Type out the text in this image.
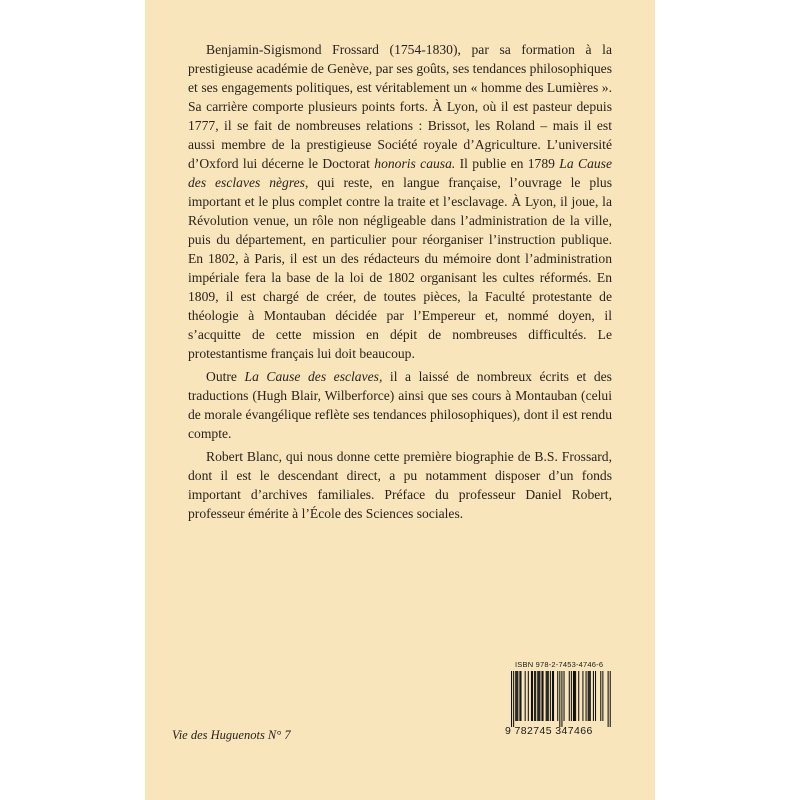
Benjamin-Sigismond Frossard (1754-1830), par sa formation à la prestigieuse académie de Genève, par ses goûts, ses tendances philosophiques et ses engagements politiques, est véritablement un « homme des Lumières ». Sa carrière comporte plusieurs points forts. À Lyon, où il est pasteur depuis 1777, il se fait de nombreuses relations : Brissot, les Roland – mais il est aussi membre de la prestigieuse Société royale d’Agriculture. L’université d’Oxford lui décerne le Doctorat honoris causa. Il publie en 1789 La Cause des esclaves nègres, qui reste, en langue française, l’ouvrage le plus important et le plus complet contre la traite et l’esclavage. À Lyon, il joue, la Révolution venue, un rôle non négligeable dans l’administration de la ville, puis du département, en particulier pour réorganiser l’instruction publique. En 1802, à Paris, il est un des rédacteurs du mémoire dont l’administration impériale fera la base de la loi de 1802 organisant les cultes réformés. En 1809, il est chargé de créer, de toutes pièces, la Faculté protestante de théologie à Montauban décidée par l’Empereur et, nommé doyen, il s’acquitte de cette mission en dépit de nombreuses difficultés. Le protestantisme français lui doit beaucoup.

Outre La Cause des esclaves, il a laissé de nombreux écrits et des traductions (Hugh Blair, Wilberforce) ainsi que ses cours à Montauban (celui de morale évangélique reflète ses tendances philosophiques), dont il est rendu compte.

Robert Blanc, qui nous donne cette première biographie de B.S. Frossard, dont il est le descendant direct, a pu notamment disposer d’un fonds important d’archives familiales. Préface du professeur Daniel Robert, professeur émérite à l’École des Sciences sociales.

Vie des Huguenots N° 7
ISBN 978-2-7453-4746-6
9 782745 347466
